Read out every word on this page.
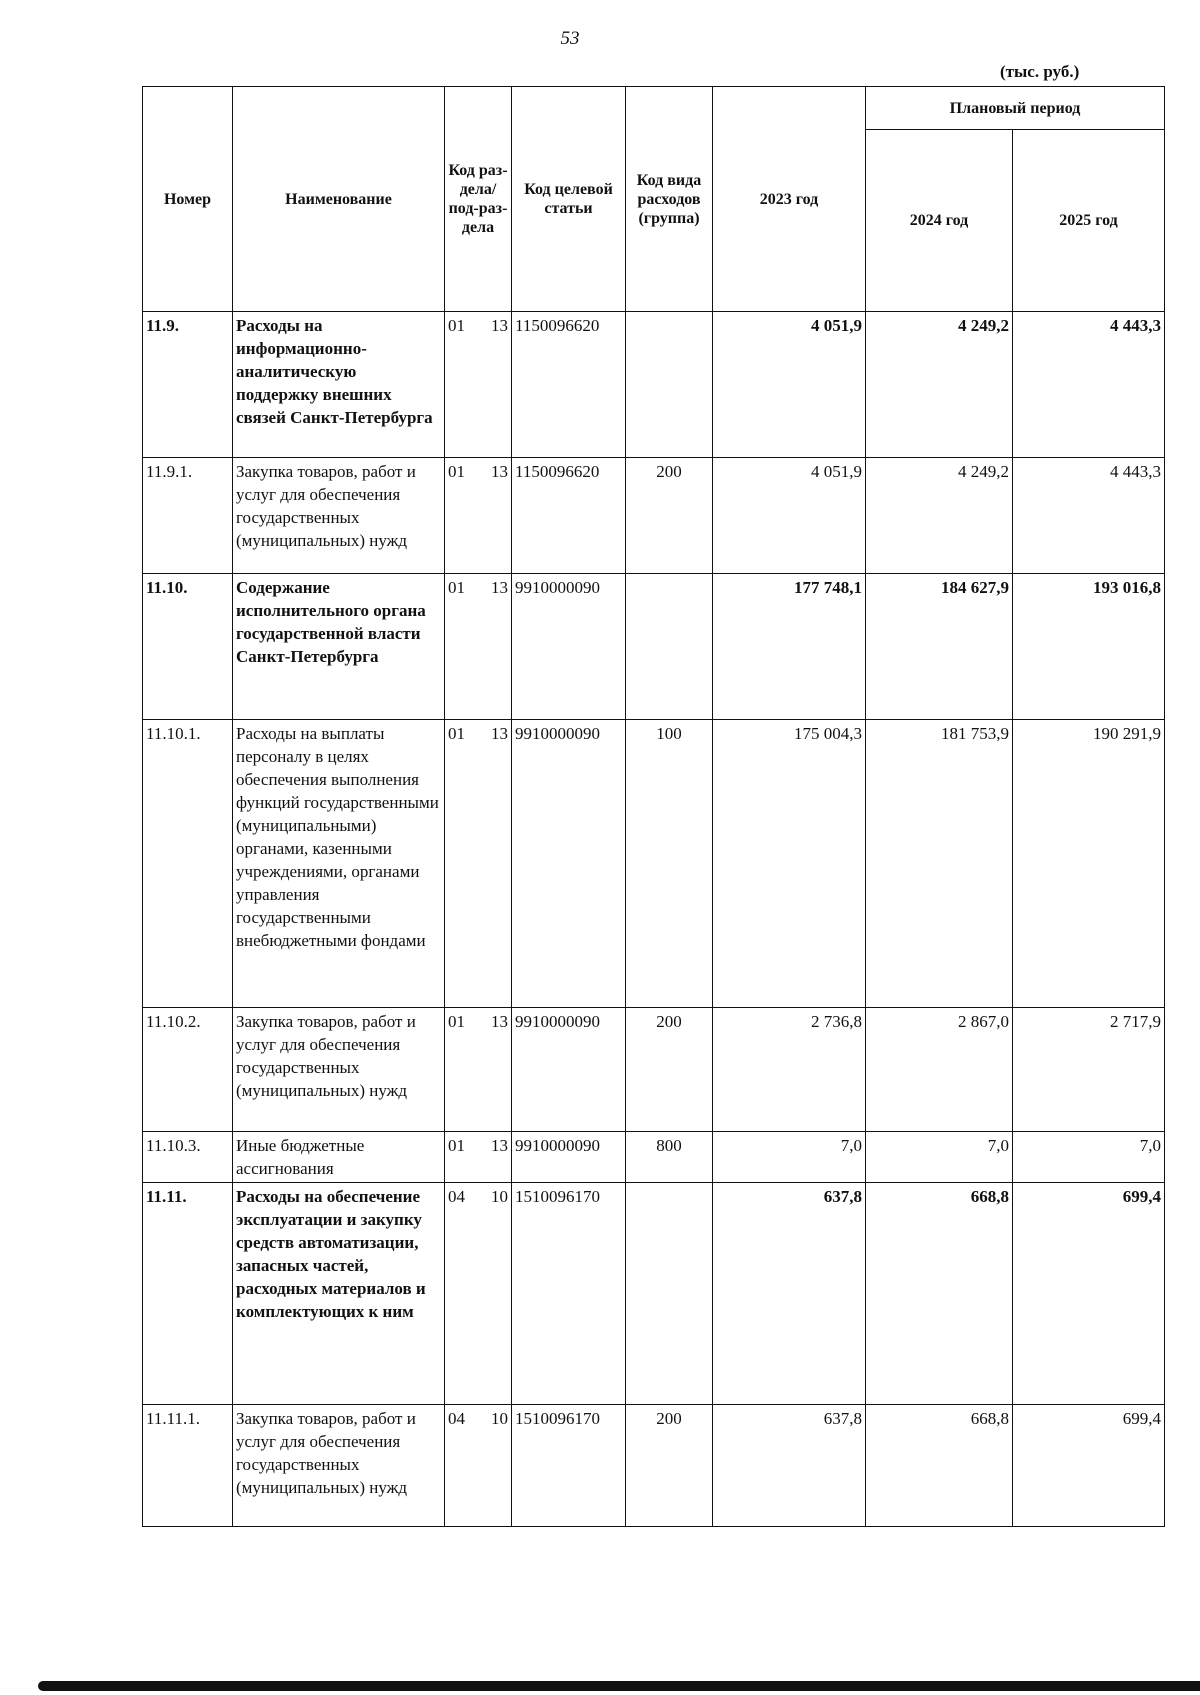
53
(тыс. руб.)
Номер	Наименование	Код раз-дела/ под-раз-дела	Код целевой статьи	Код вида расходов (группа)	2023 год	Плановый период	
						2024 год	2025 год
11.9.	Расходы на информационно-аналитическую поддержку внешних связей Санкт-Петербурга	01 13	1150096620		4 051,9	4 249,2	4 443,3
11.9.1.	Закупка товаров, работ и услуг для обеспечения государственных (муниципальных) нужд	01 13	1150096620	200	4 051,9	4 249,2	4 443,3
11.10.	Содержание исполнительного органа государственной власти Санкт-Петербурга	01 13	9910000090		177 748,1	184 627,9	193 016,8
11.10.1.	Расходы на выплаты персоналу в целях обеспечения выполнения функций государственными (муниципальными) органами, казенными учреждениями, органами управления государственными внебюджетными фондами	01 13	9910000090	100	175 004,3	181 753,9	190 291,9
11.10.2.	Закупка товаров, работ и услуг для обеспечения государственных (муниципальных) нужд	01 13	9910000090	200	2 736,8	2 867,0	2 717,9
11.10.3.	Иные бюджетные ассигнования	01 13	9910000090	800	7,0	7,0	7,0
11.11.	Расходы на обеспечение эксплуатации и закупку средств автоматизации, запасных частей, расходных материалов и комплектующих к ним	04 10	1510096170		637,8	668,8	699,4
11.11.1.	Закупка товаров, работ и услуг для обеспечения государственных (муниципальных) нужд	04 10	1510096170	200	637,8	668,8	699,4
